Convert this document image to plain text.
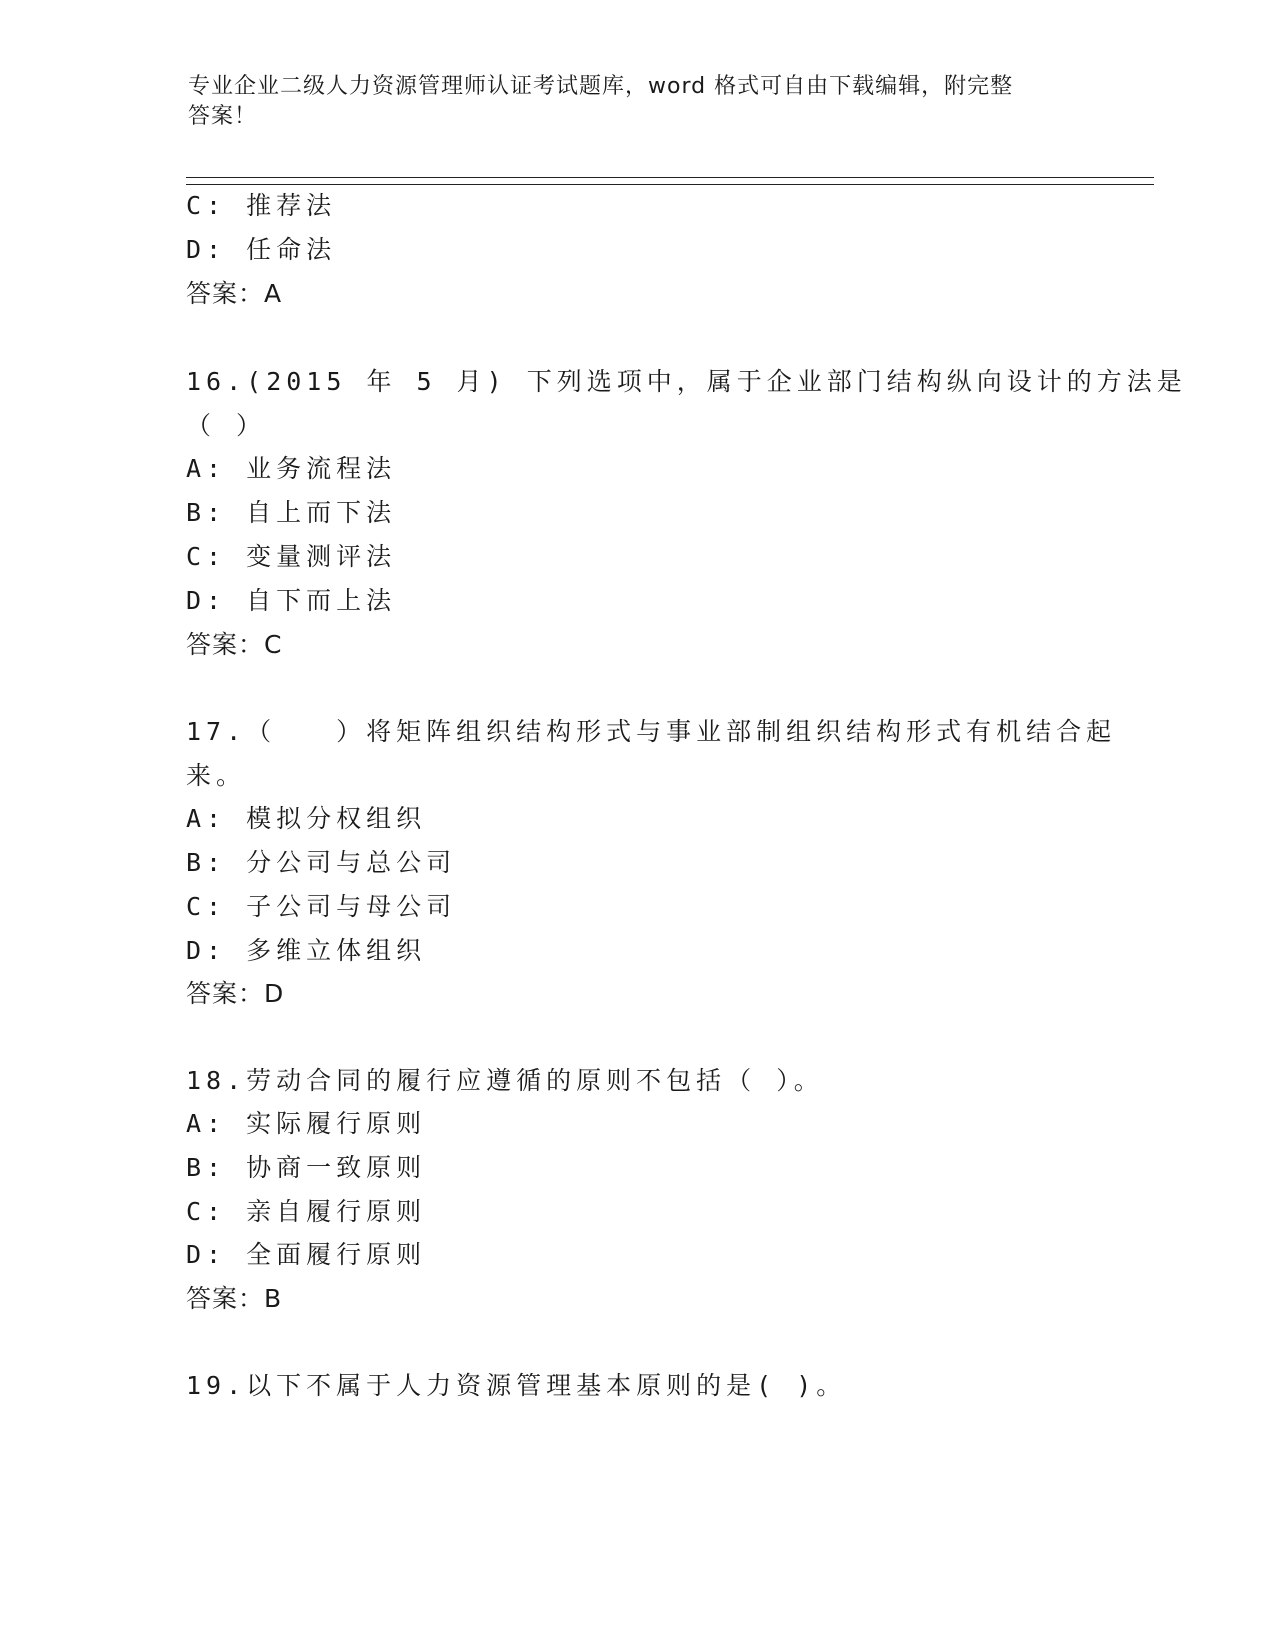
专业企业二级人力资源管理师认证考试题库，word 格式可自由下载编辑，附完整
答案！
C: 推荐法
D: 任命法
答案：A
16.(2015 年 5 月) 下列选项中，属于企业部门结构纵向设计的方法是
（ ）
A: 业务流程法
B: 自上而下法
C: 变量测评法
D: 自下而上法
答案：C
17.（　　）将矩阵组织结构形式与事业部制组织结构形式有机结合起
来。
A: 模拟分权组织
B: 分公司与总公司
C: 子公司与母公司
D: 多维立体组织
答案：D
18.劳动合同的履行应遵循的原则不包括（ ）。
A: 实际履行原则
B: 协商一致原则
C: 亲自履行原则
D: 全面履行原则
答案：B
19.以下不属于人力资源管理基本原则的是( )。
